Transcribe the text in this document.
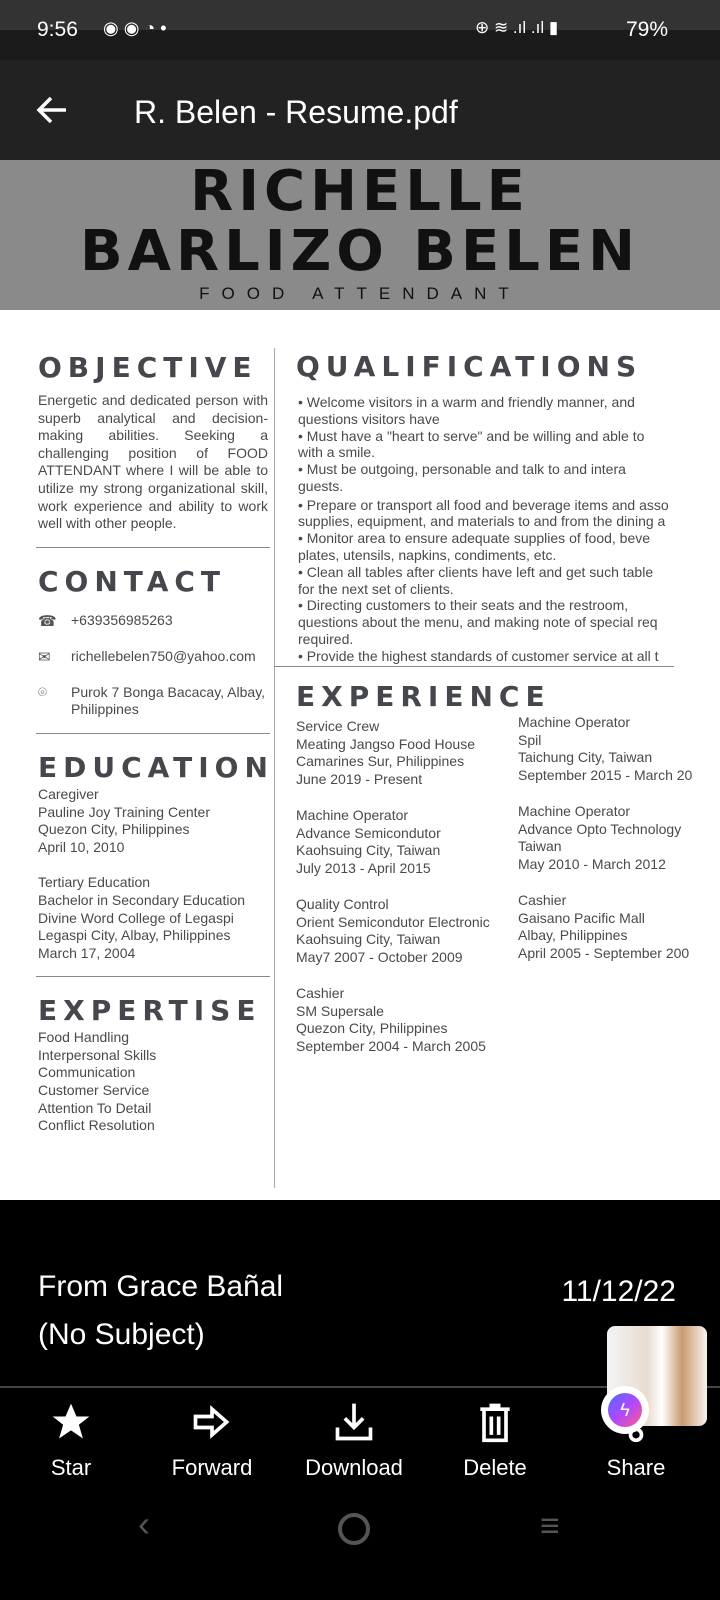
9:56 ◉ ◉ ◔ •	⊕ ≋ .ıl .ıl ▮	79%
R. Belen - Resume.pdf
RICHELLE
BARLIZO BELEN
FOOD ATTENDANT
OBJECTIVE
Energetic and dedicated person with superb analytical and decision-making abilities. Seeking a challenging position of FOOD ATTENDANT where I will be able to utilize my strong organizational skill, work experience and ability to work well with other people.
CONTACT
☎	+639356985263
✉	richellebelen750@yahoo.com
⌾	Purok 7 Bonga Bacacay, Albay,
Philippines
EDUCATION
Caregiver
Pauline Joy Training Center
Quezon City, Philippines
April 10, 2010
Tertiary Education
Bachelor in Secondary Education
Divine Word College of Legaspi
Legaspi City, Albay, Philippines
March 17, 2004
EXPERTISE
Food Handling
Interpersonal Skills
Communication
Customer Service
Attention To Detail
Conflict Resolution
QUALIFICATIONS
• Welcome visitors in a warm and friendly manner, and
questions visitors have
• Must have a "heart to serve" and be willing and able to
with a smile.
• Must be outgoing, personable and talk to and intera
guests.
• Prepare or transport all food and beverage items and asso
supplies, equipment, and materials to and from the dining a
• Monitor area to ensure adequate supplies of food, beve
plates, utensils, napkins, condiments, etc.
• Clean all tables after clients have left and get such table
for the next set of clients.
• Directing customers to their seats and the restroom,
questions about the menu, and making note of special req
required.
• Provide the highest standards of customer service at all t
EXPERIENCE
Service Crew
Meating Jangso Food House
Camarines Sur, Philippines
June 2019 - Present
Machine Operator
Advance Semicondutor
Kaohsuing City, Taiwan
July 2013 - April 2015
Quality Control
Orient Semicondutor Electronic
Kaohsuing City, Taiwan
May7 2007 - October 2009
Cashier
SM Supersale
Quezon City, Philippines
September 2004 - March 2005
Machine Operator
Spil
Taichung City, Taiwan
September 2015 - March 20
Machine Operator
Advance Opto Technology
Taiwan
May 2010 - March 2012
Cashier
Gaisano Pacific Mall
Albay, Philippines
April 2005 - September 200
From Grace Bañal
(No Subject)
11/12/22
Star	Forward	Download	Delete	Share
ϟ
‹	≡
